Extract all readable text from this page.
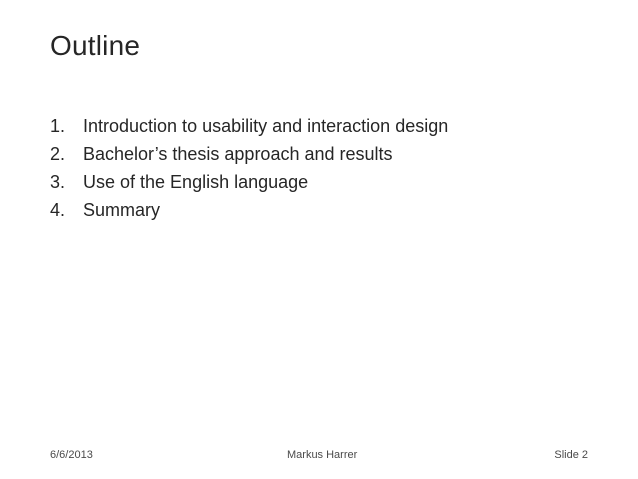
Outline
1. Introduction to usability and interaction design
2. Bachelor’s thesis approach and results
3. Use of the English language
4. Summary
6/6/2013	Markus Harrer	Slide 2
